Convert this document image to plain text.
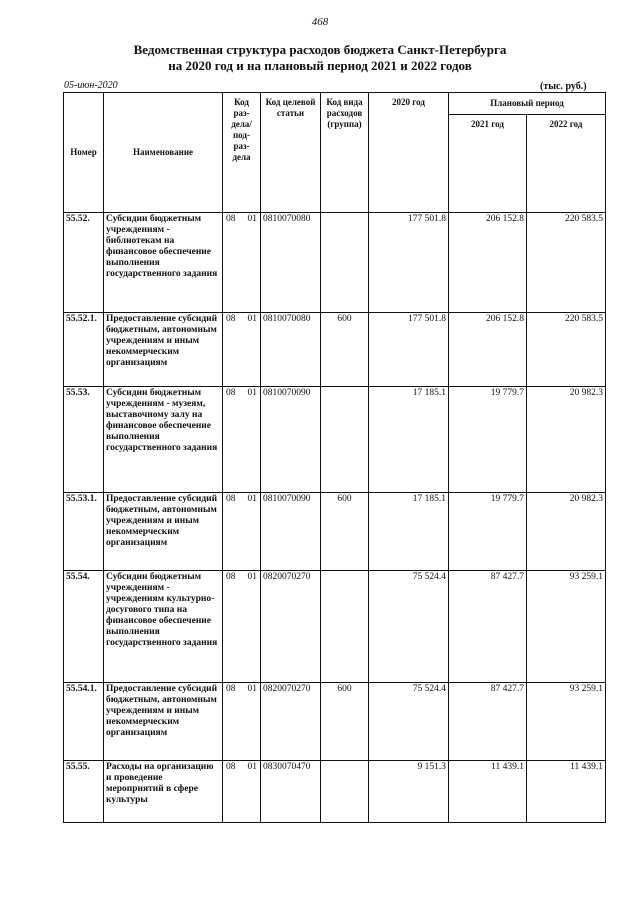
468
Ведомственная структура расходов бюджета Санкт-Петербурга
на 2020 год и на плановый период 2021 и 2022 годов
05-июн-2020	(тыс. руб.)
Номер	Наименование	Код раз-дела/ под-раз-дела	Код целевой статьи	Код вида расходов (группа)	2020 год	Плановый период	
						2021 год	2022 год
55.52.	Субсидии бюджетным учреждениям - библиотекам на финансовое обеспечение выполнения государственного задания	08 01	0810070080		177 501.8	206 152.8	220 583.5
55.52.1.	Предоставление субсидий бюджетным, автономным учреждениям и иным некоммерческим организациям	08 01	0810070080	600	177 501.8	206 152.8	220 583.5
55.53.	Субсидии бюджетным учреждениям - музеям, выставочному залу на финансовое обеспечение выполнения государственного задания	08 01	0810070090		17 185.1	19 779.7	20 982.3
55.53.1.	Предоставление субсидий бюджетным, автономным учреждениям и иным некоммерческим организациям	08 01	0810070090	600	17 185.1	19 779.7	20 982.3
55.54.	Субсидии бюджетным учреждениям - учреждениям культурно-досугового типа на финансовое обеспечение выполнения государственного задания	08 01	0820070270		75 524.4	87 427.7	93 259.1
55.54.1.	Предоставление субсидий бюджетным, автономным учреждениям и иным некоммерческим организациям	08 01	0820070270	600	75 524.4	87 427.7	93 259.1
55.55.	Расходы на организацию и проведение мероприятий в сфере культуры	08 01	0830070470		9 151.3	11 439.1	11 439.1
